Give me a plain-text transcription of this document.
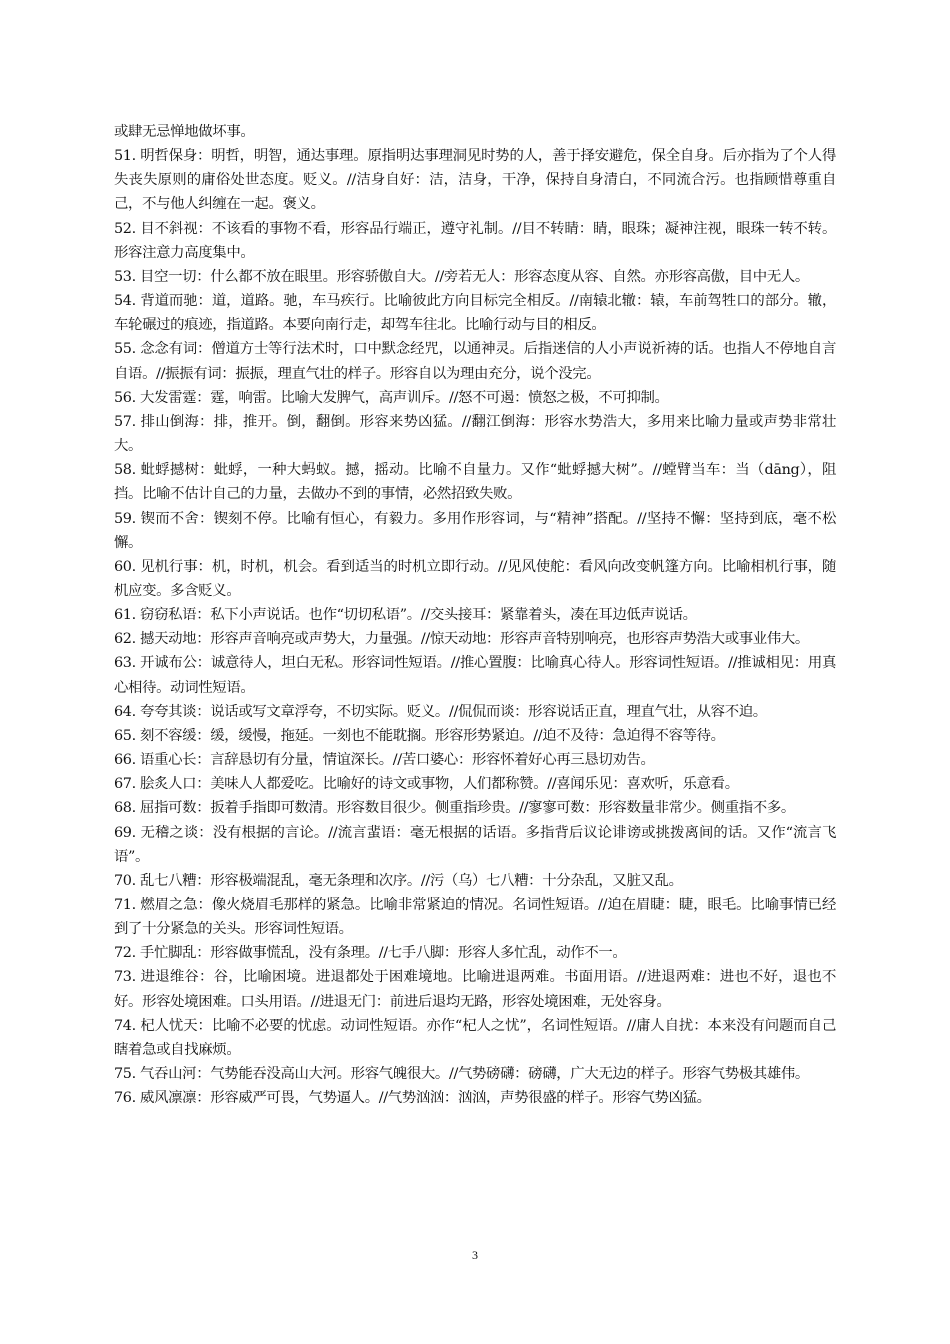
或肆无忌惮地做坏事。

51. 明哲保身：明哲，明智，通达事理。原指明达事理洞见时势的人，善于择安避危，保全自身。后亦指为了个人得失丧失原则的庸俗处世态度。贬义。//洁身自好：洁，洁身，干净，保持自身清白，不同流合污。也指顾惜尊重自己，不与他人纠缠在一起。褒义。

52. 目不斜视：不该看的事物不看，形容品行端正，遵守礼制。//目不转睛：睛，眼珠；凝神注视，眼珠一转不转。形容注意力高度集中。

53. 目空一切：什么都不放在眼里。形容骄傲自大。//旁若无人：形容态度从容、自然。亦形容高傲，目中无人。

54. 背道而驰：道，道路。驰，车马疾行。比喻彼此方向目标完全相反。//南辕北辙：辕，车前驾牲口的部分。辙，车轮碾过的痕迹，指道路。本要向南行走，却驾车往北。比喻行动与目的相反。

55. 念念有词：僧道方士等行法术时，口中默念经咒，以通神灵。后指迷信的人小声说祈祷的话。也指人不停地自言自语。//振振有词：振振，理直气壮的样子。形容自以为理由充分，说个没完。

56. 大发雷霆：霆，响雷。比喻大发脾气，高声训斥。//怒不可遏：愤怒之极，不可抑制。

57. 排山倒海：排，推开。倒，翻倒。形容来势凶猛。//翻江倒海：形容水势浩大，多用来比喻力量或声势非常壮大。

58. 蚍蜉撼树：蚍蜉，一种大蚂蚁。撼，摇动。比喻不自量力。又作“蚍蜉撼大树”。//螳臂当车：当（dāng），阻挡。比喻不估计自己的力量，去做办不到的事情，必然招致失败。

59. 锲而不舍：锲刻不停。比喻有恒心，有毅力。多用作形容词，与“精神”搭配。//坚持不懈：坚持到底，毫不松懈。

60. 见机行事：机，时机，机会。看到适当的时机立即行动。//见风使舵：看风向改变帆篷方向。比喻相机行事，随机应变。多含贬义。

61. 窃窃私语：私下小声说话。也作“切切私语”。//交头接耳：紧靠着头，凑在耳边低声说话。

62. 撼天动地：形容声音响亮或声势大，力量强。//惊天动地：形容声音特别响亮，也形容声势浩大或事业伟大。

63. 开诚布公：诚意待人，坦白无私。形容词性短语。//推心置腹：比喻真心待人。形容词性短语。//推诚相见：用真心相待。动词性短语。

64. 夸夸其谈：说话或写文章浮夸，不切实际。贬义。//侃侃而谈：形容说话正直，理直气壮，从容不迫。

65. 刻不容缓：缓，缓慢，拖延。一刻也不能耽搁。形容形势紧迫。//迫不及待：急迫得不容等待。

66. 语重心长：言辞恳切有分量，情谊深长。//苦口婆心：形容怀着好心再三恳切劝告。

67. 脍炙人口：美味人人都爱吃。比喻好的诗文或事物，人们都称赞。//喜闻乐见：喜欢听，乐意看。

68. 屈指可数：扳着手指即可数清。形容数目很少。侧重指珍贵。//寥寥可数：形容数量非常少。侧重指不多。

69. 无稽之谈：没有根据的言论。//流言蜚语：毫无根据的话语。多指背后议论诽谤或挑拨离间的话。又作“流言飞语”。

70. 乱七八糟：形容极端混乱，毫无条理和次序。//污（乌）七八糟：十分杂乱，又脏又乱。

71. 燃眉之急：像火烧眉毛那样的紧急。比喻非常紧迫的情况。名词性短语。//迫在眉睫：睫，眼毛。比喻事情已经到了十分紧急的关头。形容词性短语。

72. 手忙脚乱：形容做事慌乱，没有条理。//七手八脚：形容人多忙乱，动作不一。

73. 进退维谷：谷，比喻困境。进退都处于困难境地。比喻进退两难。书面用语。//进退两难：进也不好，退也不好。形容处境困难。口头用语。//进退无门：前进后退均无路，形容处境困难，无处容身。

74. 杞人忧天：比喻不必要的忧虑。动词性短语。亦作“杞人之忧”，名词性短语。//庸人自扰：本来没有问题而自己瞎着急或自找麻烦。

75. 气吞山河：气势能吞没高山大河。形容气魄很大。//气势磅礴：磅礴，广大无边的样子。形容气势极其雄伟。

76. 威风凛凛：形容威严可畏，气势逼人。//气势汹汹：汹汹，声势很盛的样子。形容气势凶猛。

3
